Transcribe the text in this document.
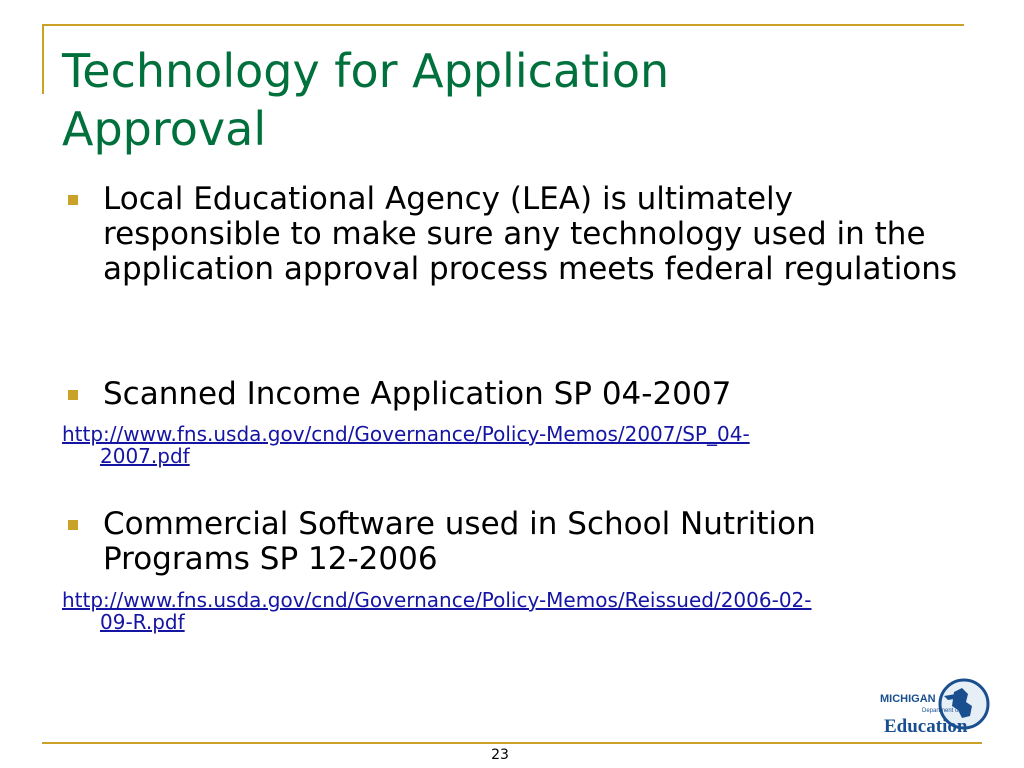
Technology for Application
Approval
Local Educational Agency (LEA) is ultimately responsible to make sure any technology used in the application approval process meets federal regulations
Scanned Income Application SP 04-2007
http://www.fns.usda.gov/cnd/Governance/Policy-Memos/2007/SP_04-2007.pdf
Commercial Software used in School Nutrition Programs SP 12-2006
http://www.fns.usda.gov/cnd/Governance/Policy-Memos/Reissued/2006-02-09-R.pdf
MICHIGAN
Department of
Education
23
